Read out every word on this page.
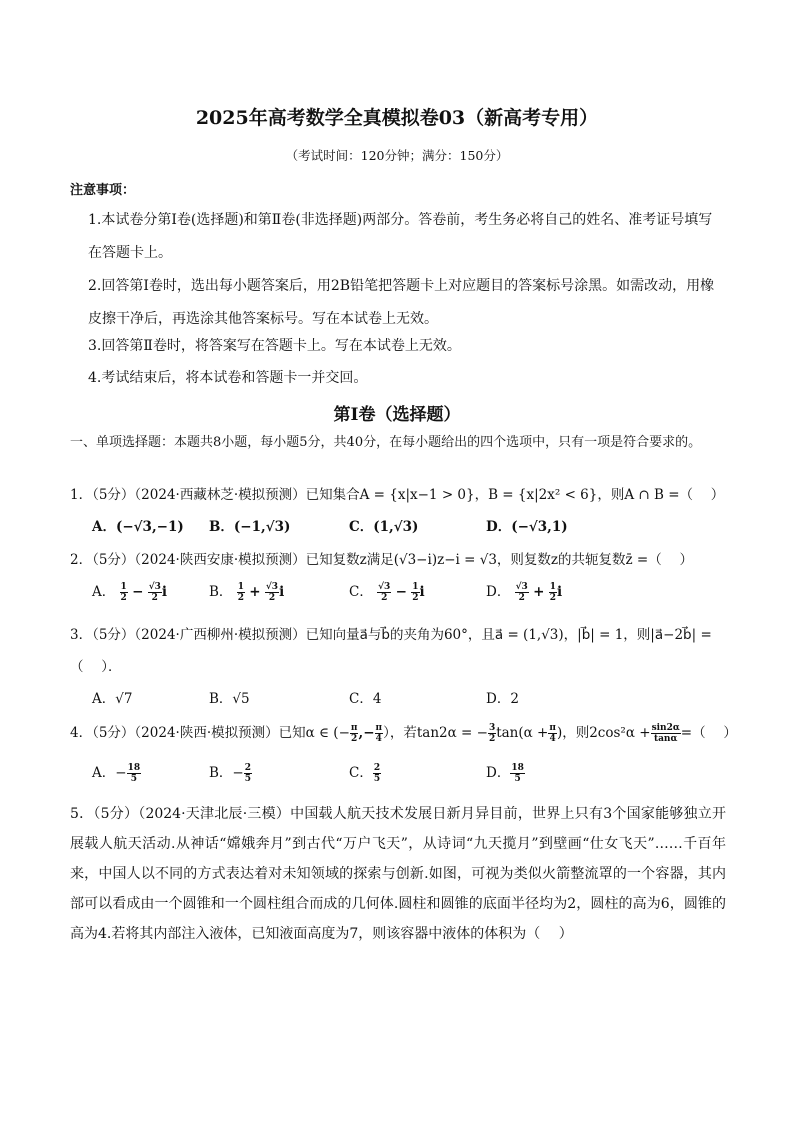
2025年高考数学全真模拟卷03（新高考专用）
（考试时间：120分钟；满分：150分）
注意事项：
1.本试卷分第Ⅰ卷(选择题)和第Ⅱ卷(非选择题)两部分。答卷前，考生务必将自己的姓名、准考证号填写在答题卡上。
2.回答第Ⅰ卷时，选出每小题答案后，用2B铅笔把答题卡上对应题目的答案标号涂黑。如需改动，用橡皮擦干净后，再选涂其他答案标号。写在本试卷上无效。
3.回答第Ⅱ卷时，将答案写在答题卡上。写在本试卷上无效。
4.考试结束后，将本试卷和答题卡一并交回。
第Ⅰ卷（选择题）
一、单项选择题：本题共8小题，每小题5分，共40分，在每小题给出的四个选项中，只有一项是符合要求的。
1．（5分）（2024·西藏林芝·模拟预测）已知集合A = {x|x−1 > 0}，B = {x|2x² < 6}，则A ∩ B =（　 ）
A．(−√3,−1) B．(−1,√3)	C．(1,√3)	D．(−√3,1)
2．（5分）（2024·陕西安康·模拟预测）已知复数z满足(√3−i)z−i = √3，则复数z的共轭复数z̄ =（　 ）
A． $\frac{1}{2} - \frac{√3}{2}$ i	B． $\frac{1}{2} + \frac{√3}{2}$ i	C． $\frac{√3}{2} - \frac{1}{2}$ i	D． $\frac{√3}{2} + \frac{1}{2}$ i
3．（5分）（2024·广西柳州·模拟预测）已知向量a⃗与b⃗的夹角为60°，且a⃗ = (1,√3)，|b⃗| = 1，则|a⃗−2b⃗| =
（　 ）．
A．√7	B．√5	C．4	D．2
4．（5分）（2024·陕西·模拟预测）已知α ∈ (− $\frac{\pi}{2}$ ,− $\frac{\pi}{4}$ ），若tan2α = − $\frac{3}{2} \tan(\alpha + \frac{\pi}{4}$ )，则$2\cos^2\alpha + \frac{\sin 2\alpha}{\tan\alpha}$ =（　 ）
A．− $\frac{18}{5}$	B．− $\frac{2}{5}$	C． $\frac{2}{5}$	D． $\frac{18}{5}$
5．（5分）（2024·天津北辰·三模）中国载人航天技术发展日新月异目前，世界上只有3个国家能够独立开展载人航天活动.从神话“嫦娥奔月”到古代“万户飞天”，从诗词“九天揽月”到壁画“仕女飞天”……千百年来，中国人以不同的方式表达着对未知领域的探索与创新.如图，可视为类似火箭整流罩的一个容器，其内部可以看成由一个圆锥和一个圆柱组合而成的几何体.圆柱和圆锥的底面半径均为2，圆柱的高为6，圆锥的高为4.若将其内部注入液体，已知液面高度为7，则该容器中液体的体积为（　 ）
